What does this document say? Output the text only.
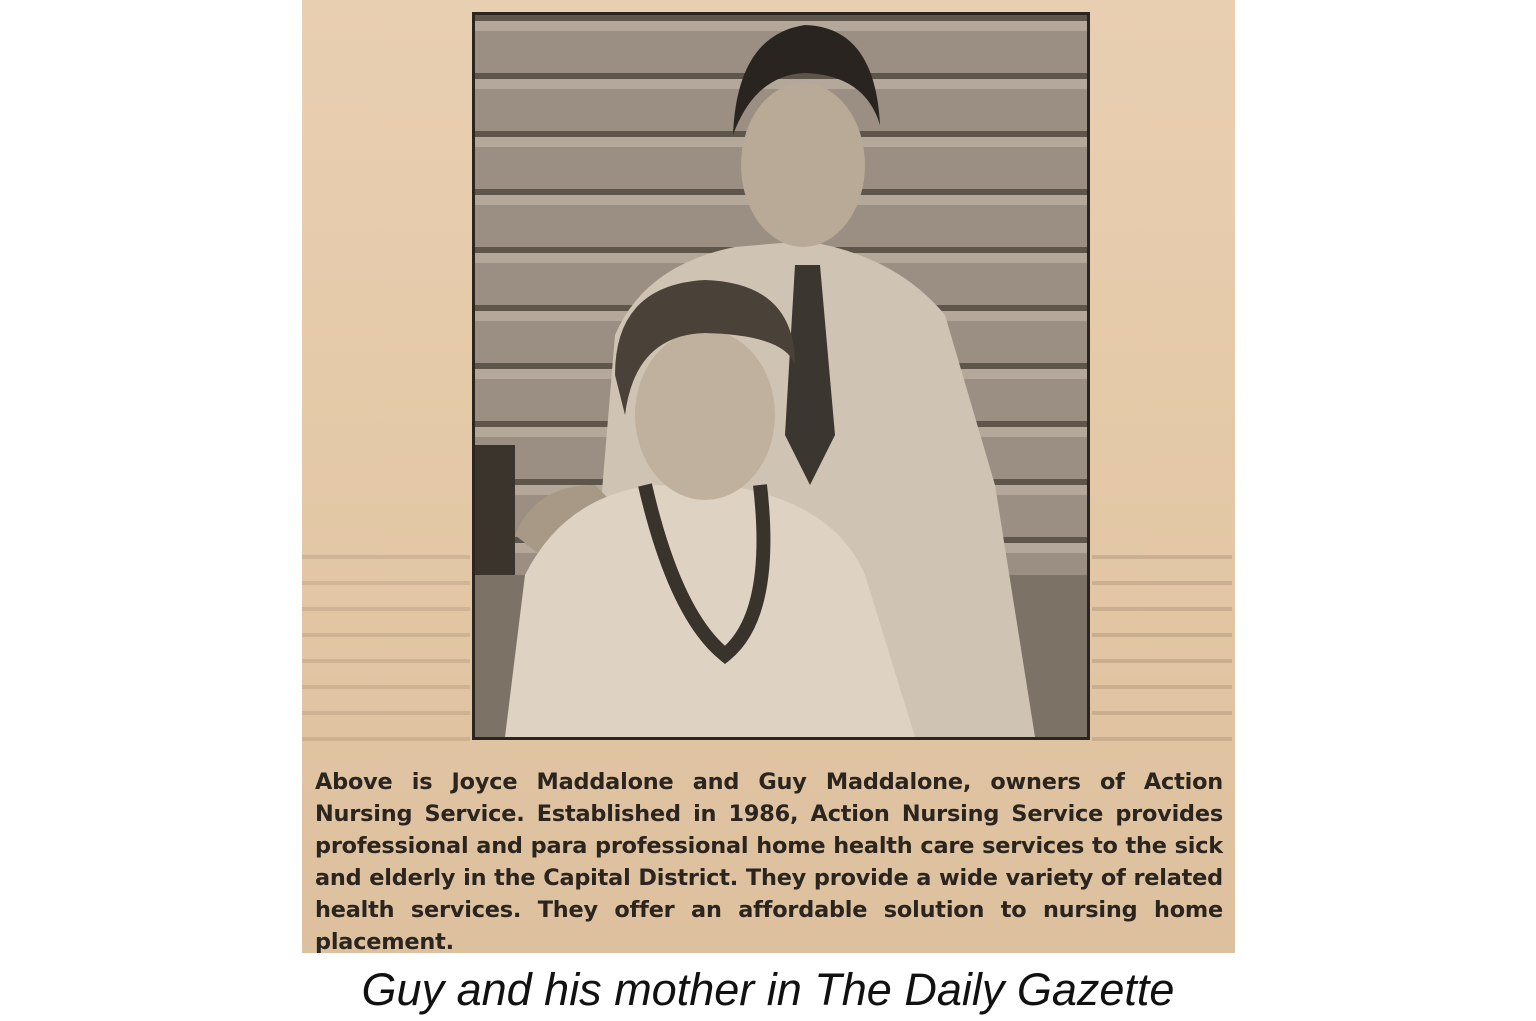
Above is Joyce Maddalone and Guy Maddalone, owners of Action Nursing Service. Established in 1986, Action Nursing Service provides professional and para professional home health care services to the sick and elderly in the Capital District. They provide a wide variety of related health services. They offer an affordable solution to nursing home placement.

Guy and his mother in The Daily Gazette
